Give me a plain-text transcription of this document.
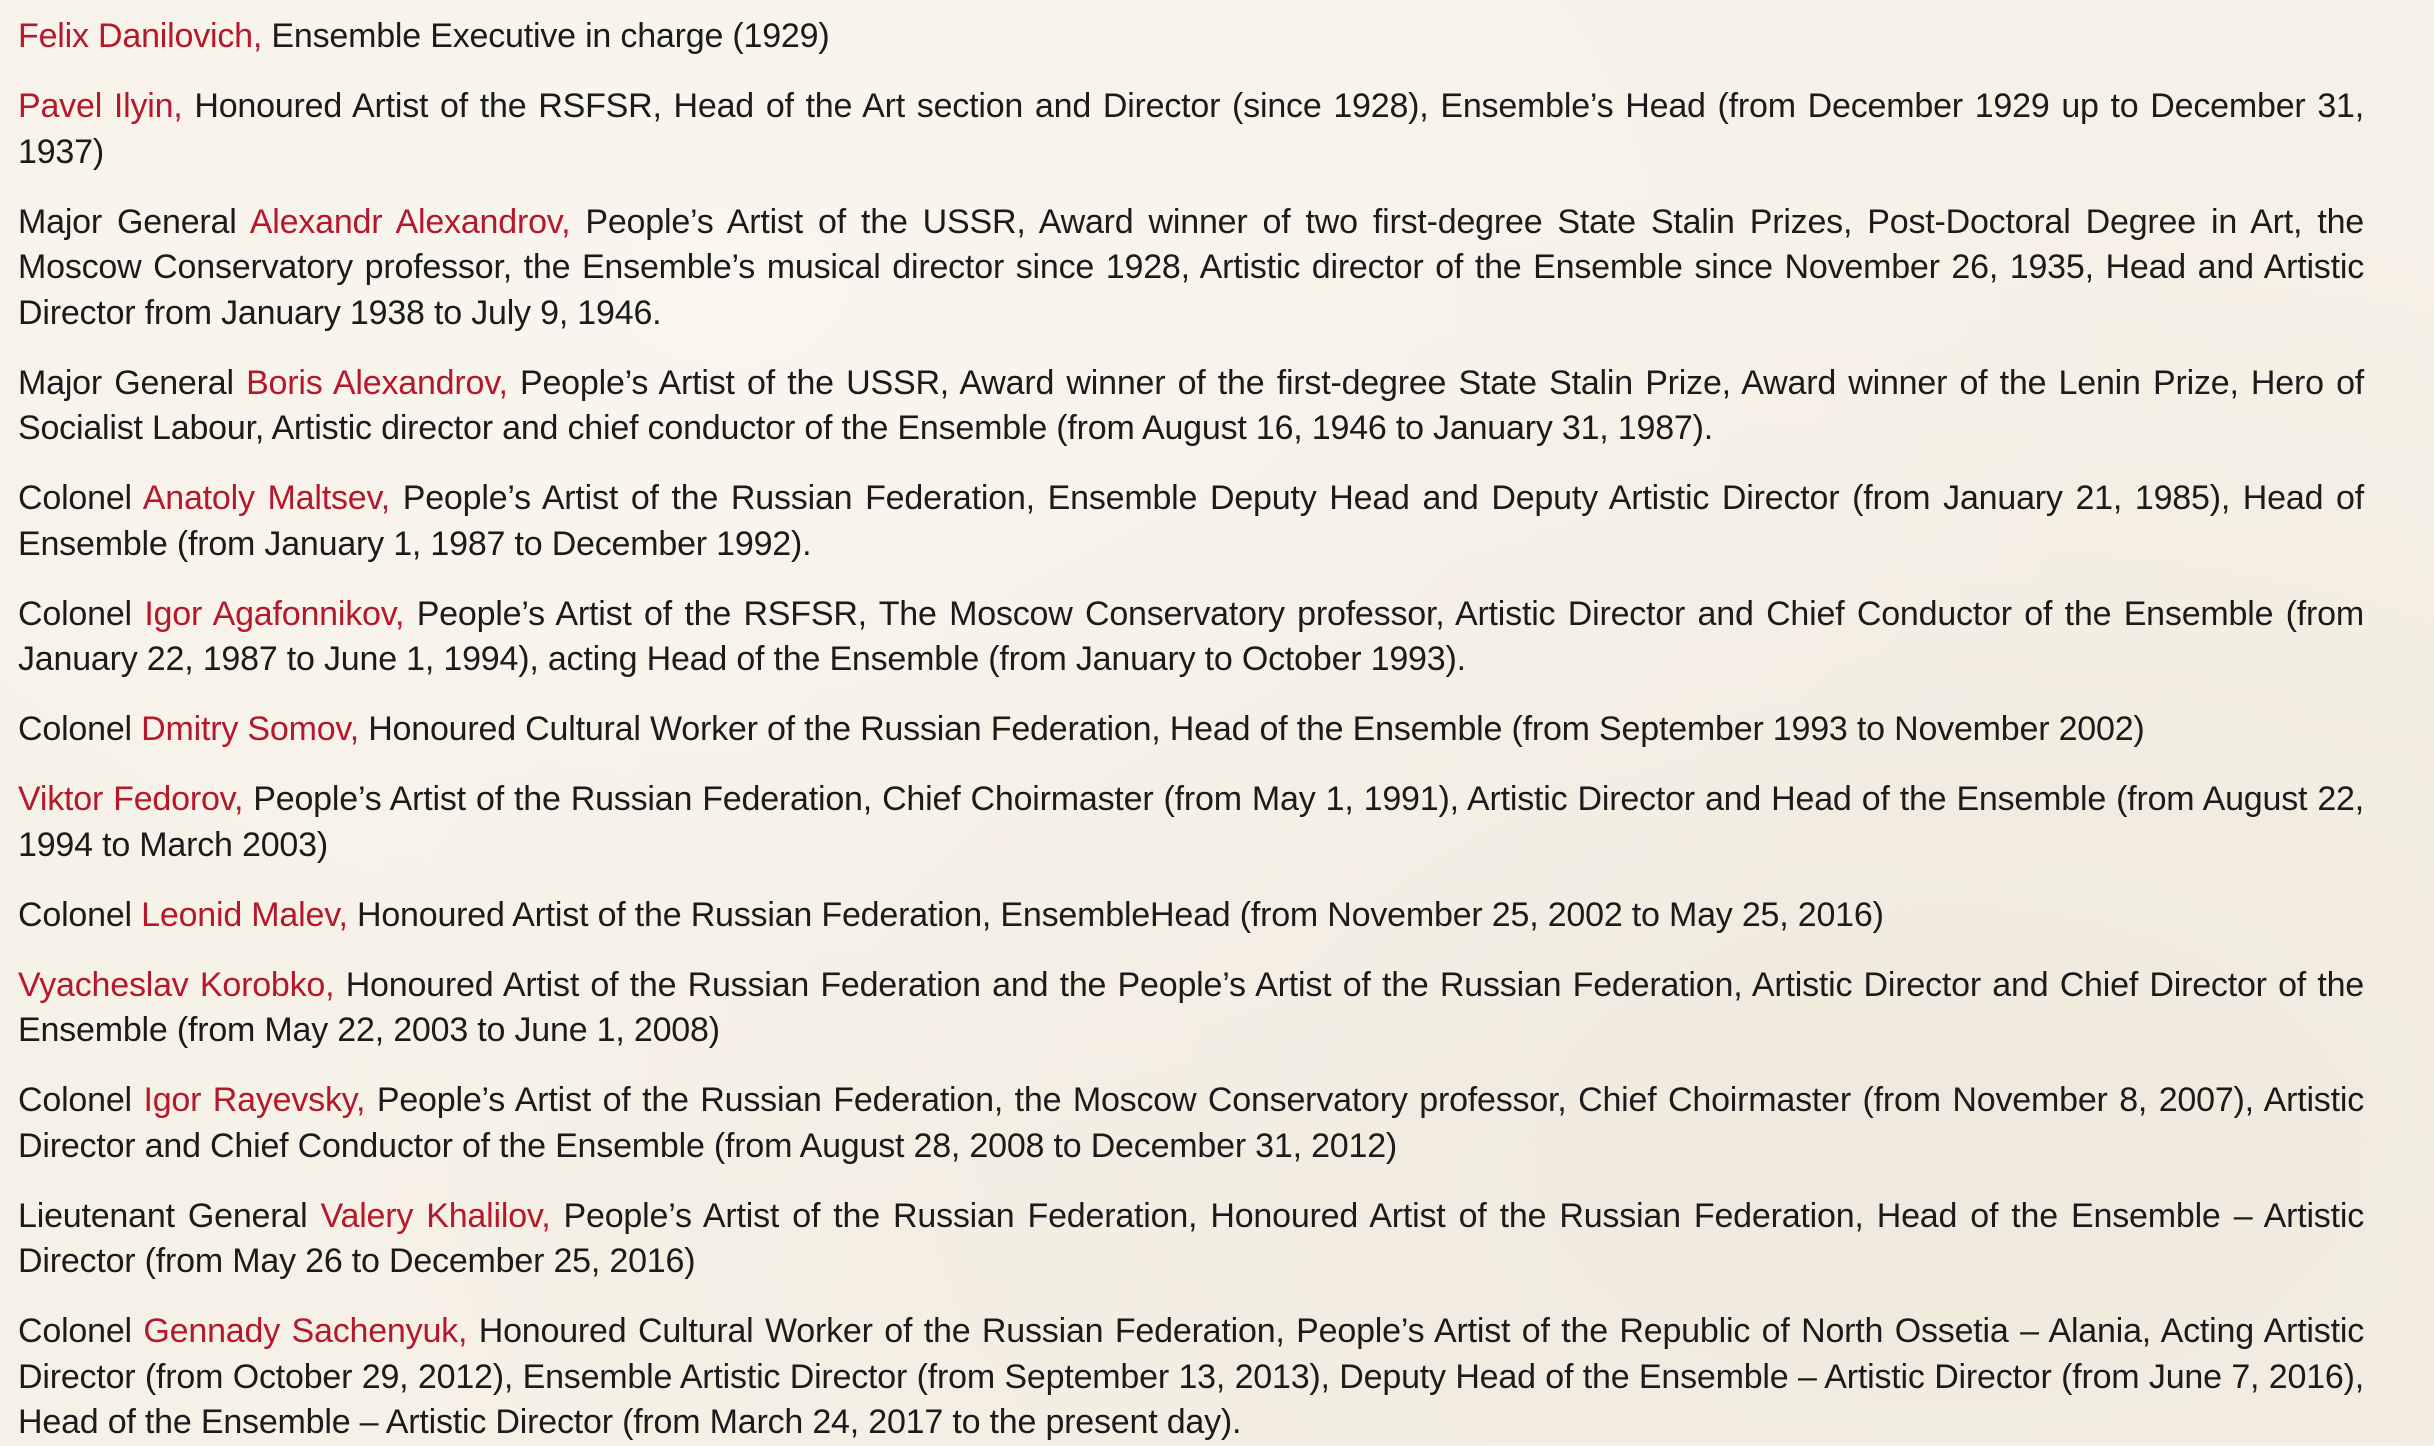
Felix Danilovich, Ensemble Executive in charge (1929)

Pavel Ilyin, Honoured Artist of the RSFSR, Head of the Art section and Director (since 1928), Ensemble’s Head (from December 1929 up to December 31, 1937)

Major General Alexandr Alexandrov, People’s Artist of the USSR, Award winner of two first-degree State Stalin Prizes, Post-Doctoral Degree in Art, the Moscow Conservatory professor, the Ensemble’s musical director since 1928, Artistic director of the Ensemble since November 26, 1935, Head and Artistic Director from January 1938 to July 9, 1946.

Major General Boris Alexandrov, People’s Artist of the USSR, Award winner of the first-degree State Stalin Prize, Award winner of the Lenin Prize, Hero of Socialist Labour, Artistic director and chief conductor of the Ensemble (from August 16, 1946 to January 31, 1987).

Colonel Anatoly Maltsev, People’s Artist of the Russian Federation, Ensemble Deputy Head and Deputy Artistic Director (from January 21, 1985), Head of Ensemble (from January 1, 1987 to December 1992).

Colonel Igor Agafonnikov, People’s Artist of the RSFSR, The Moscow Conservatory professor, Artistic Director and Chief Conductor of the Ensemble (from January 22, 1987 to June 1, 1994), acting Head of the Ensemble (from January to October 1993).

Colonel Dmitry Somov, Honoured Cultural Worker of the Russian Federation, Head of the Ensemble (from September 1993 to November 2002)

Viktor Fedorov, People’s Artist of the Russian Federation, Chief Choirmaster (from May 1, 1991), Artistic Director and Head of the Ensemble (from August 22, 1994 to March 2003)

Colonel Leonid Malev, Honoured Artist of the Russian Federation, EnsembleHead (from November 25, 2002 to May 25, 2016)

Vyacheslav Korobko, Honoured Artist of the Russian Federation and the People’s Artist of the Russian Federation, Artistic Director and Chief Director of the Ensemble (from May 22, 2003 to June 1, 2008)

Colonel Igor Rayevsky, People’s Artist of the Russian Federation, the Moscow Conservatory professor, Chief Choirmaster (from November 8, 2007), Artistic Director and Chief Conductor of the Ensemble (from August 28, 2008 to December 31, 2012)

Lieutenant General Valery Khalilov, People’s Artist of the Russian Federation, Honoured Artist of the Russian Federation, Head of the Ensemble – Artistic Director (from May 26 to December 25, 2016)

Colonel Gennady Sachenyuk, Honoured Cultural Worker of the Russian Federation, People’s Artist of the Republic of North Ossetia – Alania, Acting Artistic Director (from October 29, 2012), Ensemble Artistic Director (from September 13, 2013), Deputy Head of the Ensemble – Artistic Director (from June 7, 2016), Head of the Ensemble – Artistic Director (from March 24, 2017 to the present day).
